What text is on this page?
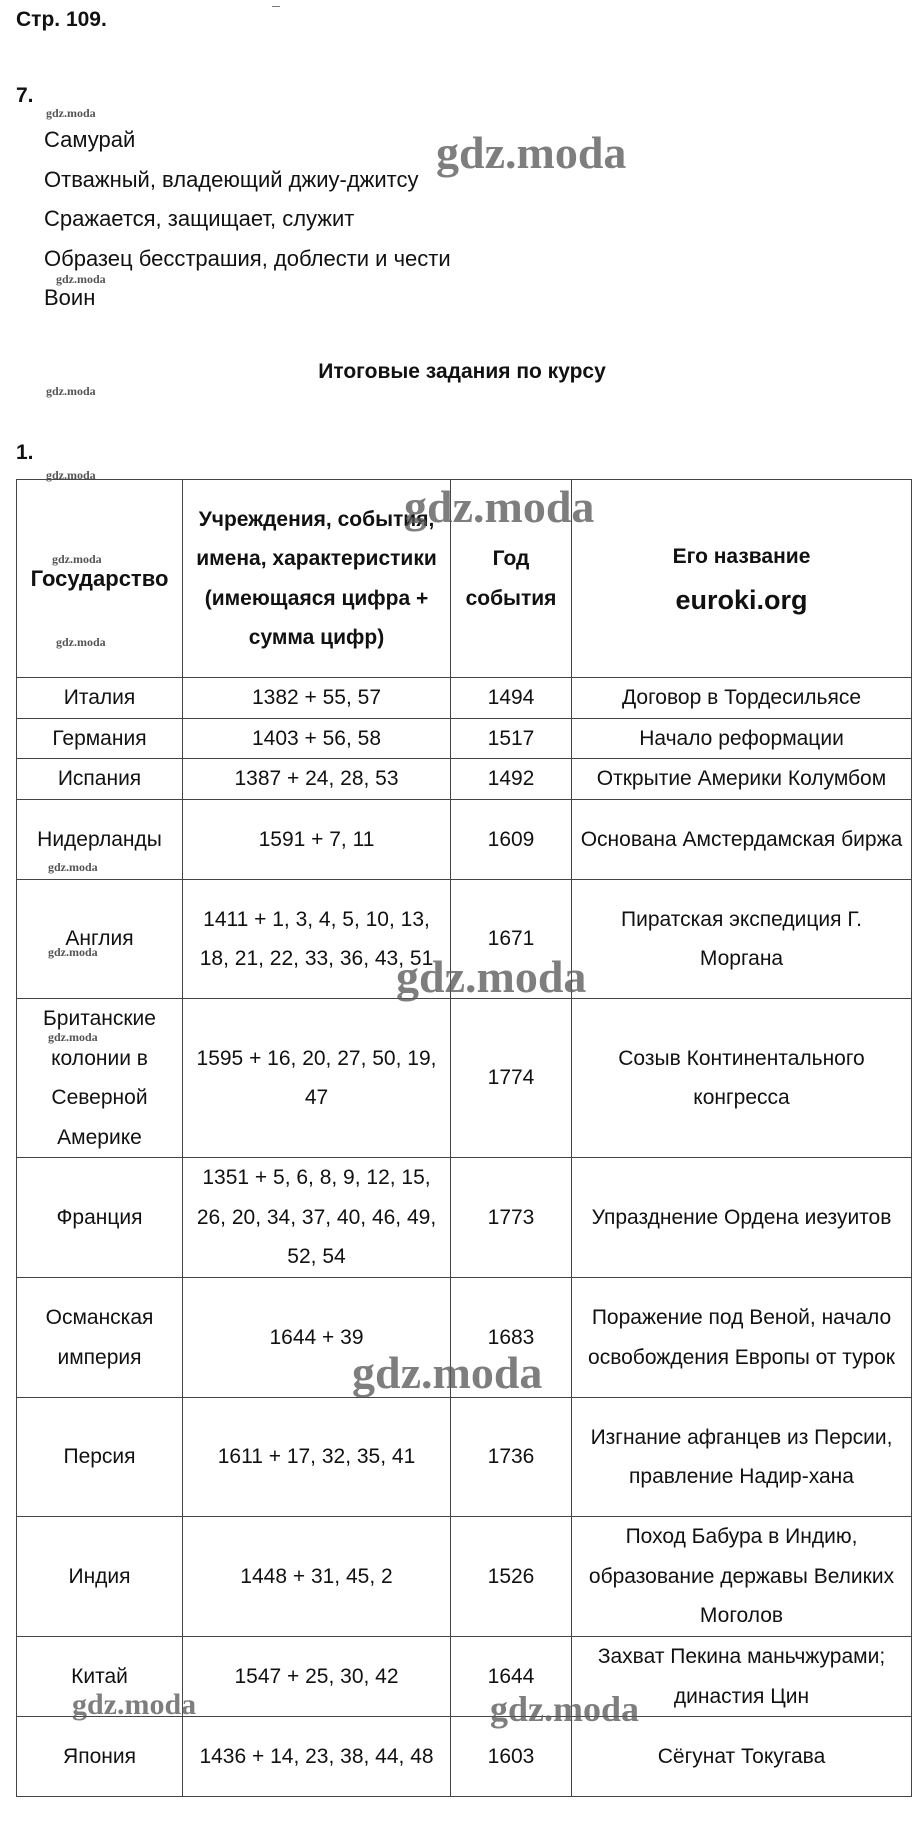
Стр. 109.
7.
Самурай
Отважный, владеющий джиу-джитсу
Сражается, защищает, служит
Образец бесстрашия, доблести и чести
Воин
Итоговые задания по курсу
1.
Государство	Учреждения, события, имена, характеристики (имеющаяся цифра + сумма цифр)	Год события	Его название
euroki.org

Италия	1382 + 55, 57	1494	Договор в Тордесильясе
Германия	1403 + 56, 58	1517	Начало реформации
Испания	1387 + 24, 28, 53	1492	Открытие Америки Колумбом
Нидерланды	1591 + 7, 11	1609	Основана Амстердамская биржа
Англия	1411 + 1, 3, 4, 5, 10, 13, 18, 21, 22, 33, 36, 43, 51	1671	Пиратская экспедиция Г. Моргана
Британские колонии в Северной Америке	1595 + 16, 20, 27, 50, 19, 47	1774	Созыв Континентального конгресса
Франция	1351 + 5, 6, 8, 9, 12, 15, 26, 20, 34, 37, 40, 46, 49, 52, 54	1773	Упразднение Ордена иезуитов
Османская империя	1644 + 39	1683	Поражение под Веной, начало освобождения Европы от турок
Персия	1611 + 17, 32, 35, 41	1736	Изгнание афганцев из Персии, правление Надир-хана
Индия	1448 + 31, 45, 2	1526	Поход Бабура в Индию, образование державы Великих Моголов
Китай	1547 + 25, 30, 42	1644	Захват Пекина маньчжурами; династия Цин
Япония	1436 + 14, 23, 38, 44, 48	1603	Сёгунат Токугава
gdz.moda
gdz.moda
gdz.moda
gdz.moda
gdz.moda
gdz.moda
gdz.moda
gdz.moda
gdz.moda
gdz.moda
gdz.moda
gdz.moda
gdz.moda
gdz.moda	gdz.moda
